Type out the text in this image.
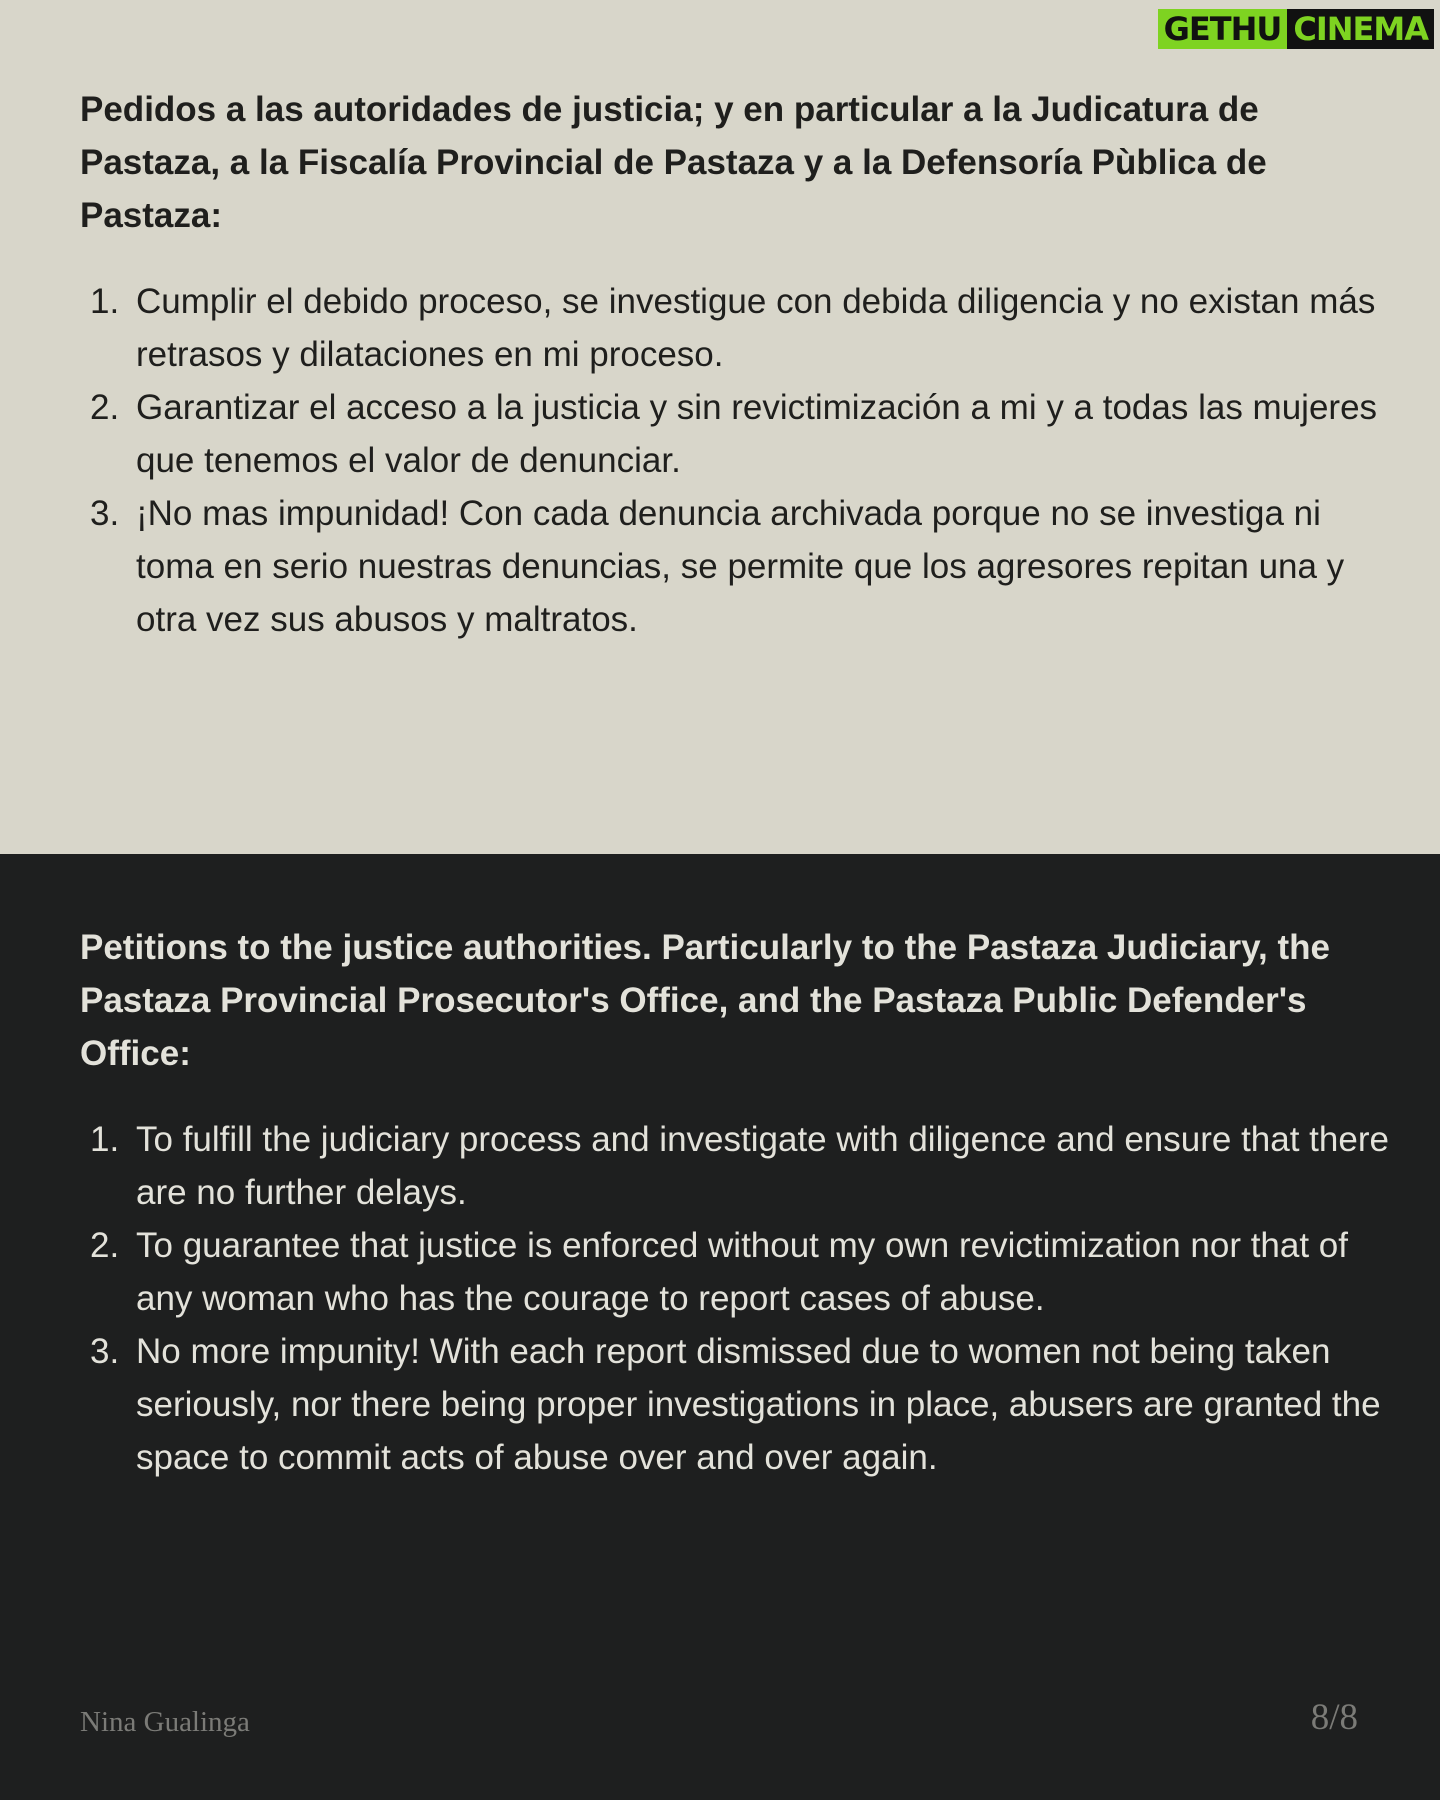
Pedidos a las autoridades de justicia; y en particular a la Judicatura de Pastaza, a la Fiscalía Provincial de Pastaza y a la Defensoría Pùblica de Pastaza:
1. Cumplir el debido proceso, se investigue con debida diligencia y no existan más retrasos y dilataciones en mi proceso.
2. Garantizar el acceso a la justicia y sin revictimización a mi y a todas las mujeres que tenemos el valor de denunciar.
3. ¡No mas impunidad! Con cada denuncia archivada porque no se investiga ni toma en serio nuestras denuncias, se permite que los agresores repitan una y otra vez sus abusos y maltratos.
GETHU CINEMA
Petitions to the justice authorities. Particularly to the Pastaza Judiciary, the Pastaza Provincial Prosecutor's Office, and the Pastaza Public Defender's Office:
1. To fulfill the judiciary process and investigate with diligence and ensure that there are no further delays.
2. To guarantee that justice is enforced without my own revictimization nor that of any woman who has the courage to report cases of abuse.
3. No more impunity! With each report dismissed due to women not being taken seriously, nor there being proper investigations in place, abusers are granted the space to commit acts of abuse over and over again.
Nina Gualinga	8/8
